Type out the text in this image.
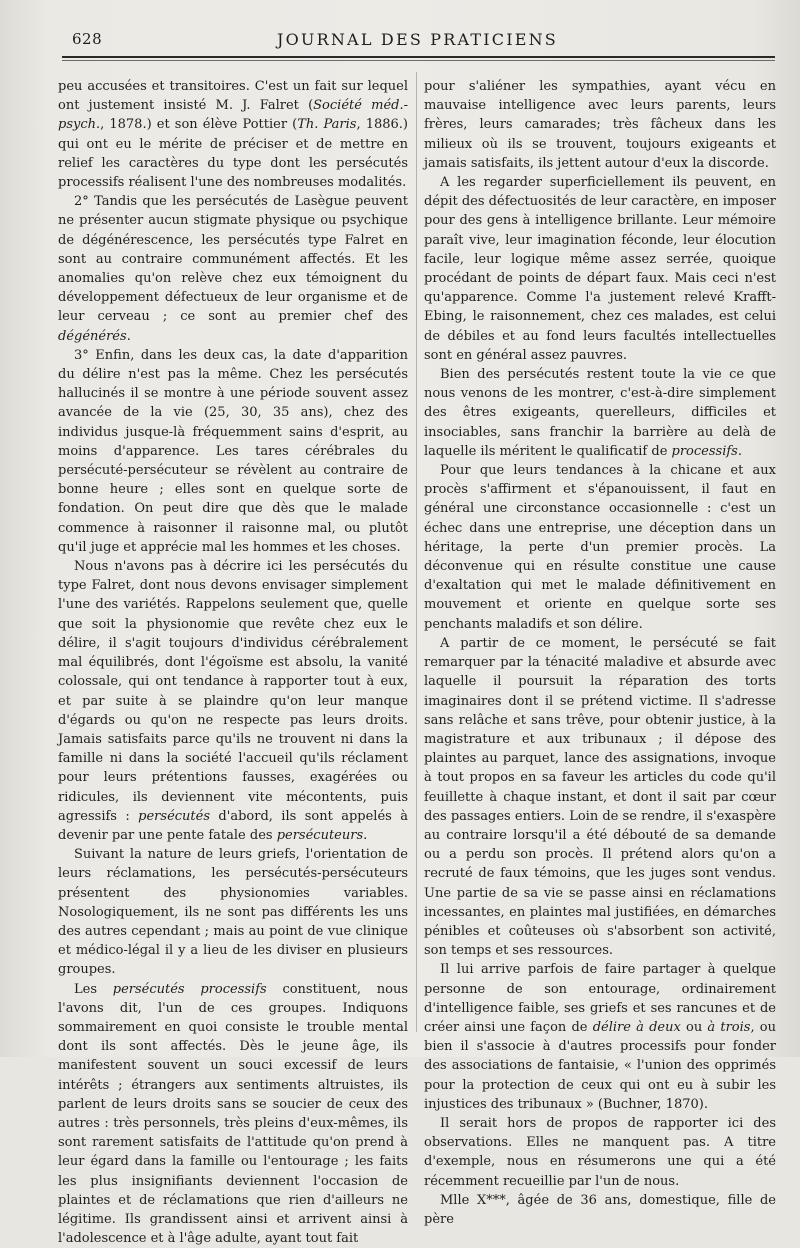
628	JOURNAL DES PRATICIENS

peu accusées et transitoires. C'est un fait sur lequel ont justement insisté M. J. Falret (Société méd.-psych., 1878.) et son élève Pottier (Th. Paris, 1886.) qui ont eu le mérite de préciser et de mettre en relief les caractères du type dont les persécutés processifs réalisent l'une des nombreuses modalités.

2° Tandis que les persécutés de Lasègue peuvent ne présenter aucun stigmate physique ou psychique de dégénérescence, les persécutés type Falret en sont au contraire communément affectés. Et les anomalies qu'on relève chez eux témoignent du développement défectueux de leur organisme et de leur cerveau ; ce sont au premier chef des dégénérés.

3° Enfin, dans les deux cas, la date d'apparition du délire n'est pas la même. Chez les persécutés hallucinés il se montre à une période souvent assez avancée de la vie (25, 30, 35 ans), chez des individus jusque-là fréquemment sains d'esprit, au moins d'apparence. Les tares cérébrales du persécuté-persécuteur se révèlent au contraire de bonne heure ; elles sont en quelque sorte de fondation. On peut dire que dès que le malade commence à raisonner il raisonne mal, ou plutôt qu'il juge et apprécie mal les hommes et les choses.

Nous n'avons pas à décrire ici les persécutés du type Falret, dont nous devons envisager simplement l'une des variétés. Rappelons seulement que, quelle que soit la physionomie que revête chez eux le délire, il s'agit toujours d'individus cérébralement mal équilibrés, dont l'égoïsme est absolu, la vanité colossale, qui ont tendance à rapporter tout à eux, et par suite à se plaindre qu'on leur manque d'égards ou qu'on ne respecte pas leurs droits. Jamais satisfaits parce qu'ils ne trouvent ni dans la famille ni dans la société l'accueil qu'ils réclament pour leurs prétentions fausses, exagérées ou ridicules, ils deviennent vite mécontents, puis agressifs : persécutés d'abord, ils sont appelés à devenir par une pente fatale des persécuteurs.

Suivant la nature de leurs griefs, l'orientation de leurs réclamations, les persécutés-persécuteurs présentent des physionomies variables. Nosologiquement, ils ne sont pas différents les uns des autres cependant ; mais au point de vue clinique et médico-légal il y a lieu de les diviser en plusieurs groupes.

Les persécutés processifs constituent, nous l'avons dit, l'un de ces groupes. Indiquons sommairement en quoi consiste le trouble mental dont ils sont affectés. Dès le jeune âge, ils manifestent souvent un souci excessif de leurs intérêts ; étrangers aux sentiments altruistes, ils parlent de leurs droits sans se soucier de ceux des autres : très personnels, très pleins d'eux-mêmes, ils sont rarement satisfaits de l'attitude qu'on prend à leur égard dans la famille ou l'entourage ; les faits les plus insignifiants deviennent l'occasion de plaintes et de réclamations que rien d'ailleurs ne légitime. Ils grandissent ainsi et arrivent ainsi à l'adolescence et à l'âge adulte, ayant tout fait

pour s'aliéner les sympathies, ayant vécu en mauvaise intelligence avec leurs parents, leurs frères, leurs camarades; très fâcheux dans les milieux où ils se trouvent, toujours exigeants et jamais satisfaits, ils jettent autour d'eux la discorde.

A les regarder superficiellement ils peuvent, en dépit des défectuosités de leur caractère, en imposer pour des gens à intelligence brillante. Leur mémoire paraît vive, leur imagination féconde, leur élocution facile, leur logique même assez serrée, quoique procédant de points de départ faux. Mais ceci n'est qu'apparence. Comme l'a justement relevé Krafft-Ebing, le raisonnement, chez ces malades, est celui de débiles et au fond leurs facultés intellectuelles sont en général assez pauvres.

Bien des persécutés restent toute la vie ce que nous venons de les montrer, c'est-à-dire simplement des êtres exigeants, querelleurs, difficiles et insociables, sans franchir la barrière au delà de laquelle ils méritent le qualificatif de processifs.

Pour que leurs tendances à la chicane et aux procès s'affirment et s'épanouissent, il faut en général une circonstance occasionnelle : c'est un échec dans une entreprise, une déception dans un héritage, la perte d'un premier procès. La déconvenue qui en résulte constitue une cause d'exaltation qui met le malade définitivement en mouvement et oriente en quelque sorte ses penchants maladifs et son délire.

A partir de ce moment, le persécuté se fait remarquer par la ténacité maladive et absurde avec laquelle il poursuit la réparation des torts imaginaires dont il se prétend victime. Il s'adresse sans relâche et sans trêve, pour obtenir justice, à la magistrature et aux tribunaux ; il dépose des plaintes au parquet, lance des assignations, invoque à tout propos en sa faveur les articles du code qu'il feuillette à chaque instant, et dont il sait par cœur des passages entiers. Loin de se rendre, il s'exaspère au contraire lorsqu'il a été débouté de sa demande ou a perdu son procès. Il prétend alors qu'on a recruté de faux témoins, que les juges sont vendus. Une partie de sa vie se passe ainsi en réclamations incessantes, en plaintes mal justifiées, en démarches pénibles et coûteuses où s'absorbent son activité, son temps et ses ressources.

Il lui arrive parfois de faire partager à quelque personne de son entourage, ordinairement d'intelligence faible, ses griefs et ses rancunes et de créer ainsi une façon de délire à deux ou à trois, ou bien il s'associe à d'autres processifs pour fonder des associations de fantaisie, « l'union des opprimés pour la protection de ceux qui ont eu à subir les injustices des tribunaux » (Buchner, 1870).

Il serait hors de propos de rapporter ici des observations. Elles ne manquent pas. A titre d'exemple, nous en résumerons une qui a été récemment recueillie par l'un de nous.

Mlle X***, âgée de 36 ans, domestique, fille de père
